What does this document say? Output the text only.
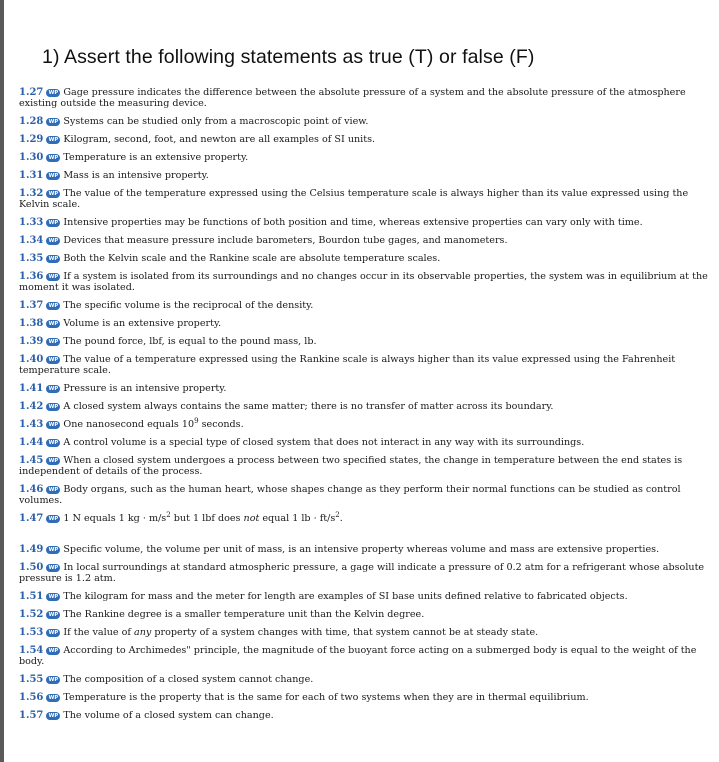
1) Assert the following statements as true (T) or false (F)
1.27 WP Gage pressure indicates the difference between the absolute pressure of a system and the absolute pressure of the atmosphere existing outside the measuring device.
1.28 WP Systems can be studied only from a macroscopic point of view.
1.29 WP Kilogram, second, foot, and newton are all examples of SI units.
1.30 WP Temperature is an extensive property.
1.31 WP Mass is an intensive property.
1.32 WP The value of the temperature expressed using the Celsius temperature scale is always higher than its value expressed using the Kelvin scale.
1.33 WP Intensive properties may be functions of both position and time, whereas extensive properties can vary only with time.
1.34 WP Devices that measure pressure include barometers, Bourdon tube gages, and manometers.
1.35 WP Both the Kelvin scale and the Rankine scale are absolute temperature scales.
1.36 WP If a system is isolated from its surroundings and no changes occur in its observable properties, the system was in equilibrium at the moment it was isolated.
1.37 WP The specific volume is the reciprocal of the density.
1.38 WP Volume is an extensive property.
1.39 WP The pound force, lbf, is equal to the pound mass, lb.
1.40 WP The value of a temperature expressed using the Rankine scale is always higher than its value expressed using the Fahrenheit temperature scale.
1.41 WP Pressure is an intensive property.
1.42 WP A closed system always contains the same matter; there is no transfer of matter across its boundary.
1.43 WP One nanosecond equals $10^9$ seconds.
1.44 WP A control volume is a special type of closed system that does not interact in any way with its surroundings.
1.45 WP When a closed system undergoes a process between two specified states, the change in temperature between the end states is independent of details of the process.
1.46 WP Body organs, such as the human heart, whose shapes change as they perform their normal functions can be studied as control volumes.
1.47 WP 1 N equals 1 kg · $m/s^2$ but 1 lbf does not equal 1 lb · $ft/s^2$.
1.49 WP Specific volume, the volume per unit of mass, is an intensive property whereas volume and mass are extensive properties.
1.50 WP In local surroundings at standard atmospheric pressure, a gage will indicate a pressure of 0.2 atm for a refrigerant whose absolute pressure is 1.2 atm.
1.51 WP The kilogram for mass and the meter for length are examples of SI base units defined relative to fabricated objects.
1.52 WP The Rankine degree is a smaller temperature unit than the Kelvin degree.
1.53 WP If the value of any property of a system changes with time, that system cannot be at steady state.
1.54 WP According to Archimedes" principle, the magnitude of the buoyant force acting on a submerged body is equal to the weight of the body.
1.55 WP The composition of a closed system cannot change.
1.56 WP Temperature is the property that is the same for each of two systems when they are in thermal equilibrium.
1.57 WP The volume of a closed system can change.
